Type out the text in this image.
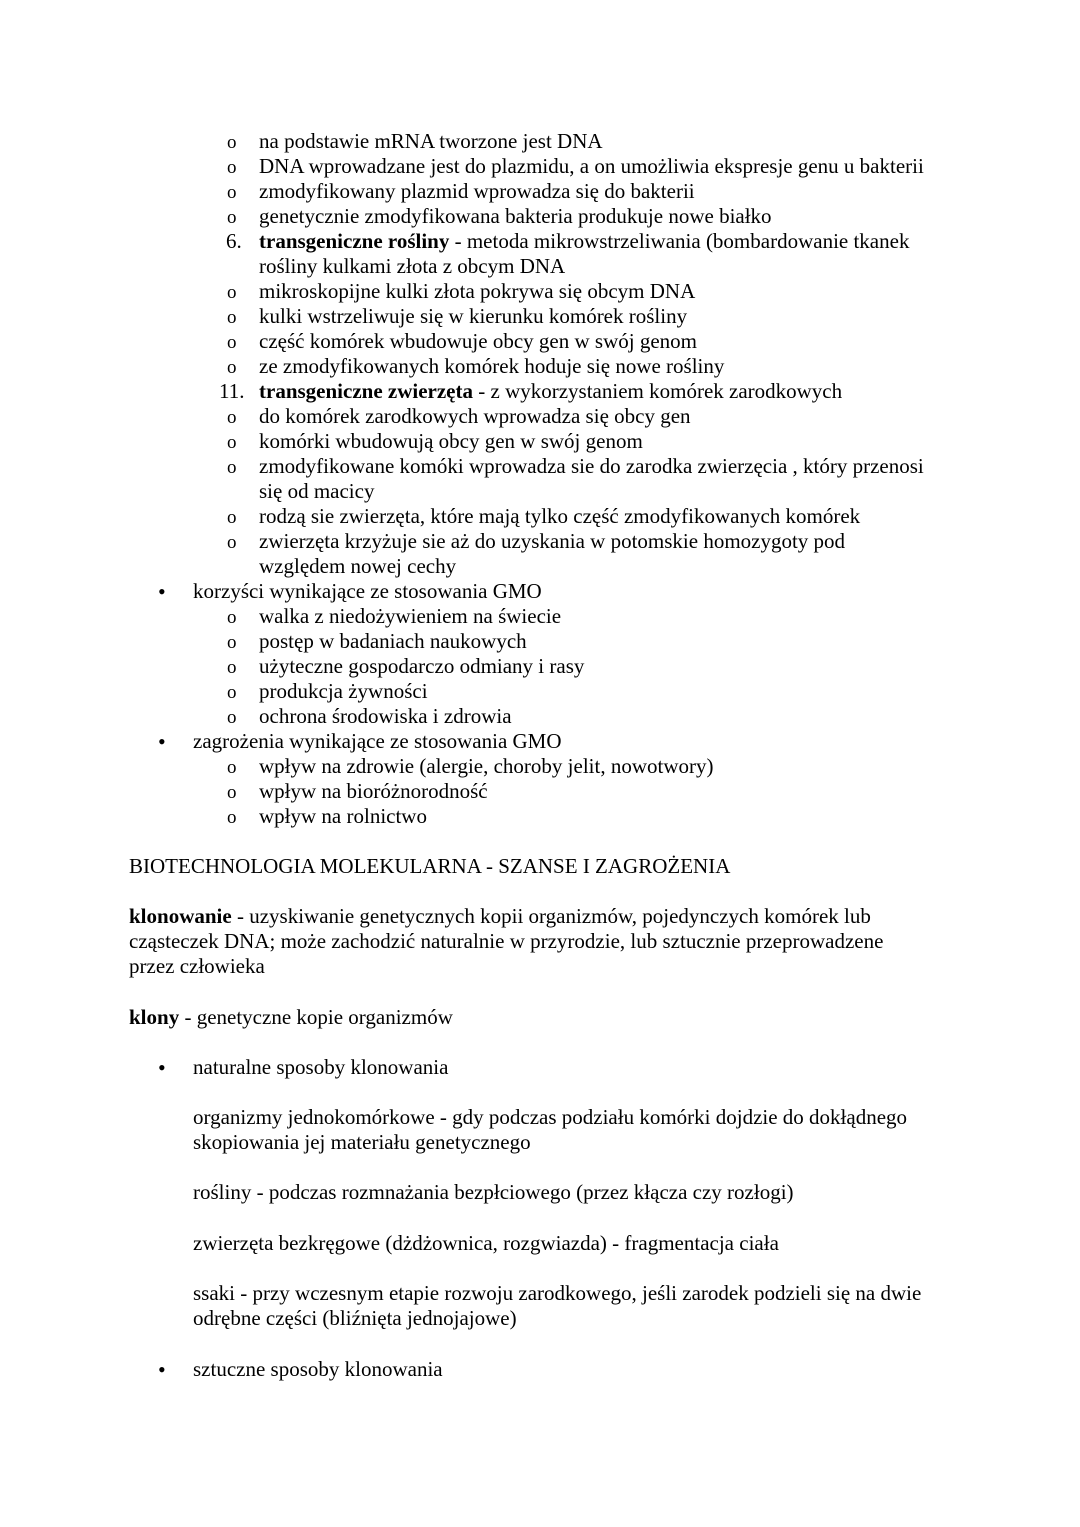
o na podstawie mRNA tworzone jest DNA
o DNA wprowadzane jest do plazmidu, a on umożliwia ekspresje genu u bakterii
o zmodyfikowany plazmid wprowadza się do bakterii
o genetycznie zmodyfikowana bakteria produkuje nowe białko
6. transgeniczne rośliny - metoda mikrowstrzeliwania (bombardowanie tkanek
rośliny kulkami złota z obcym DNA
o mikroskopijne kulki złota pokrywa się obcym DNA
o kulki wstrzeliwuje się w kierunku komórek rośliny
o część komórek wbudowuje obcy gen w swój genom
o ze zmodyfikowanych komórek hoduje się nowe rośliny
11. transgeniczne zwierzęta - z wykorzystaniem komórek zarodkowych
o do komórek zarodkowych wprowadza się obcy gen
o komórki wbudowują obcy gen w swój genom
o zmodyfikowane komóki wprowadza sie do zarodka zwierzęcia , który przenosi
się od macicy
o rodzą sie zwierzęta, które mają tylko część zmodyfikowanych komórek
o zwierzęta krzyżuje sie aż do uzyskania w potomskie homozygoty pod
względem nowej cechy
• korzyści wynikające ze stosowania GMO
o walka z niedożywieniem na świecie
o postęp w badaniach naukowych
o użyteczne gospodarczo odmiany i rasy
o produkcja żywności
o ochrona środowiska i zdrowia
• zagrożenia wynikające ze stosowania GMO
o wpływ na zdrowie (alergie, choroby jelit, nowotwory)
o wpływ na bioróżnorodność
o wpływ na rolnictwo
BIOTECHNOLOGIA MOLEKULARNA - SZANSE I ZAGROŻENIA
klonowanie - uzyskiwanie genetycznych kopii organizmów, pojedynczych komórek lub
cząsteczek DNA; może zachodzić naturalnie w przyrodzie, lub sztucznie przeprowadzene
przez człowieka
klony - genetyczne kopie organizmów
• naturalne sposoby klonowania
organizmy jednokomórkowe - gdy podczas podziału komórki dojdzie do dokłądnego
skopiowania jej materiału genetycznego
rośliny - podczas rozmnażania bezpłciowego (przez kłącza czy rozłogi)
zwierzęta bezkręgowe (dżdżownica, rozgwiazda) - fragmentacja ciała
ssaki - przy wczesnym etapie rozwoju zarodkowego, jeśli zarodek podzieli się na dwie
odrębne części (bliźnięta jednojajowe)
• sztuczne sposoby klonowania
